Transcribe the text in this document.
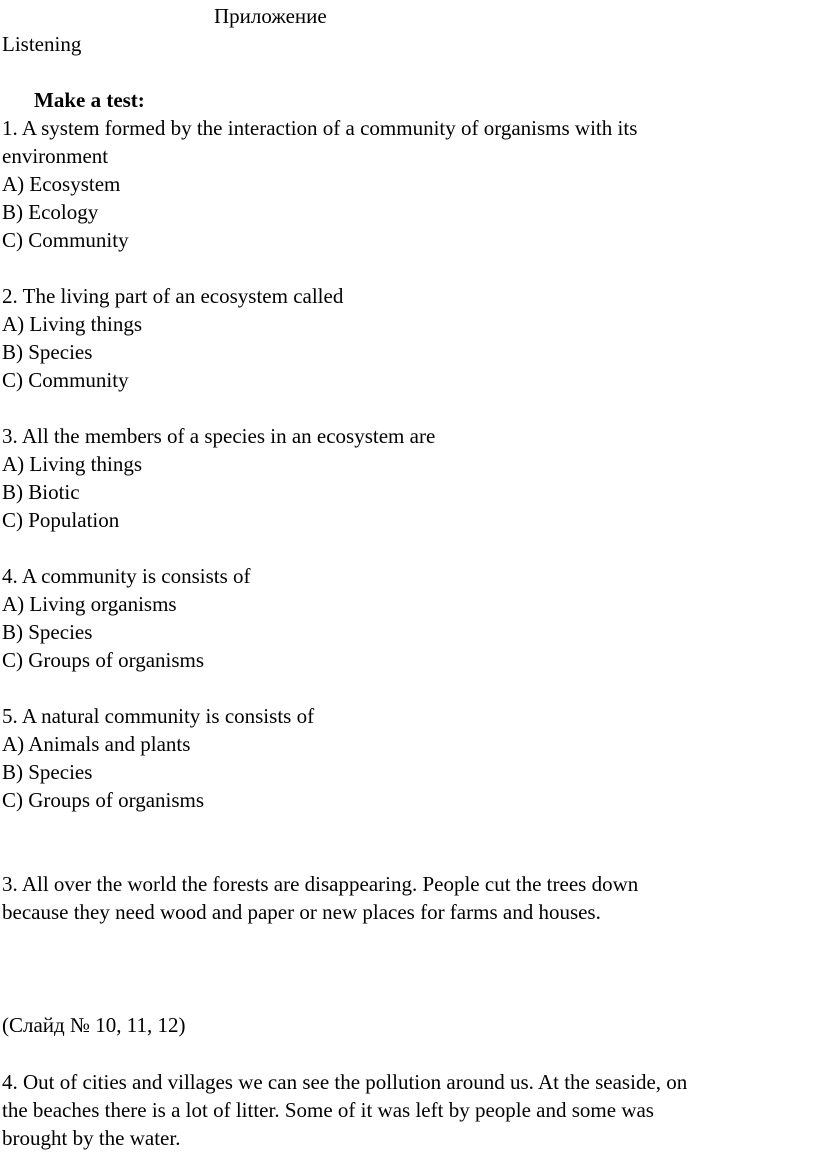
Приложение
Listening
Make a test:
1. A system formed by the interaction of a community of organisms with its
environment
A) Ecosystem
B) Ecology
C) Community
2. The living part of an ecosystem called
A) Living things
B) Species
C) Community
3. All the members of a species in an ecosystem are
A) Living things
B) Biotic
C) Population
4. A community is consists of
A) Living organisms
B) Species
C) Groups of organisms
5. A natural community is consists of
A) Animals and plants
B) Species
C) Groups of organisms
3. All over the world the forests are disappearing. People cut the trees down
because they need wood and paper or new places for farms and houses.
(Слайд № 10, 11, 12)
4. Out of cities and villages we can see the pollution around us. At the seaside, on
the beaches there is a lot of litter. Some of it was left by people and some was
brought by the water.
